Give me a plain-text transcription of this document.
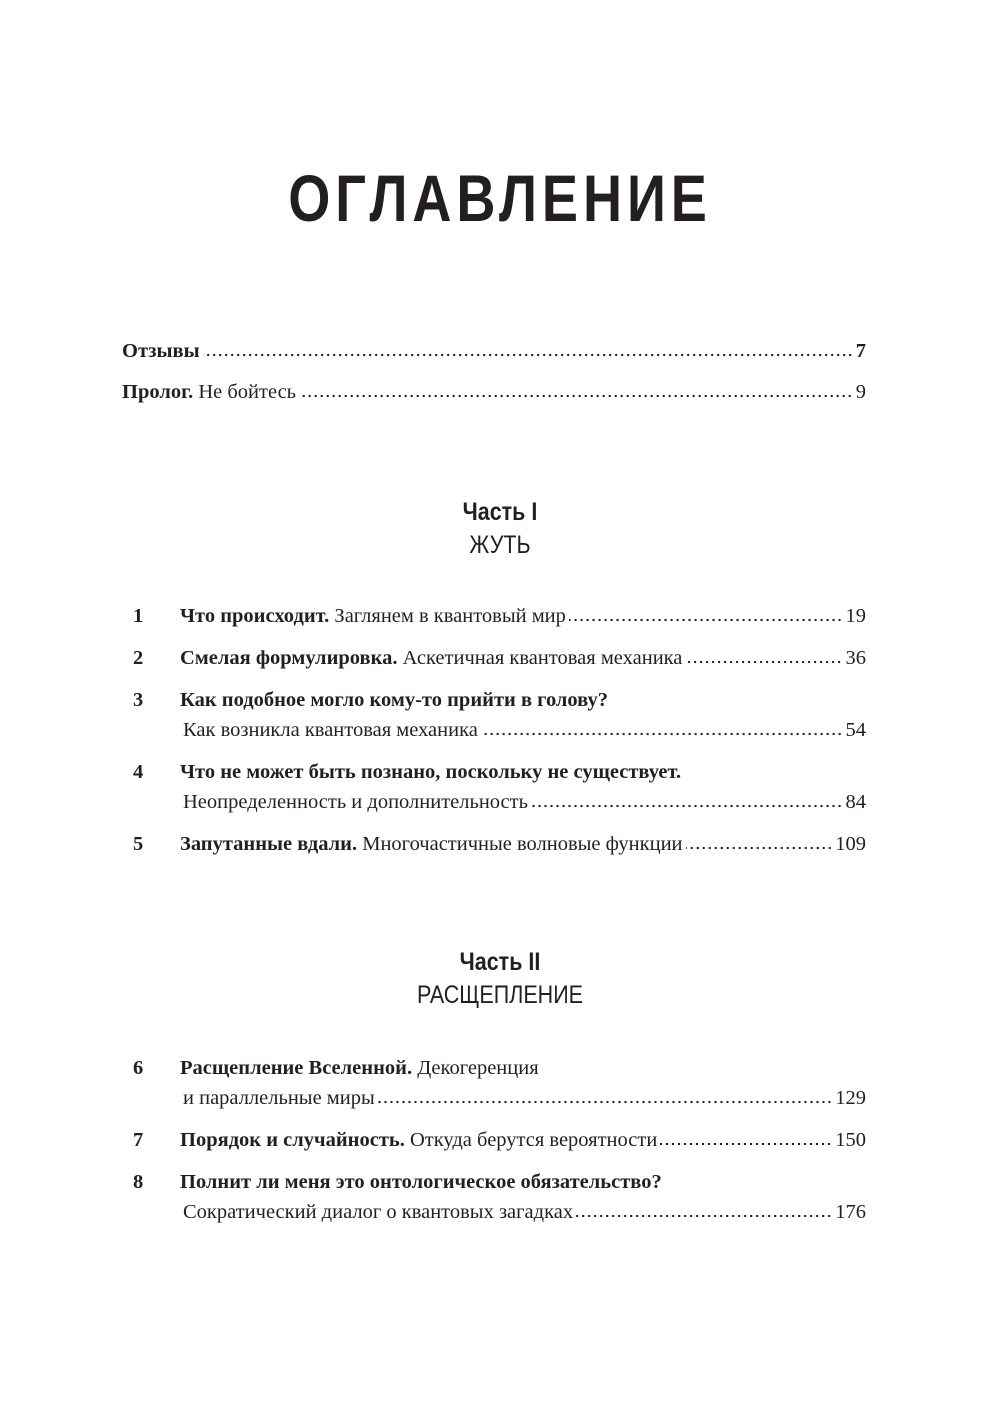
ОГЛАВЛЕНИЕ
Отзывы	7
Пролог. Не бойтесь	9
Часть I
ЖУТЬ
1 Что происходит. Заглянем в квантовый мир	19
2 Смелая формулировка. Аскетичная квантовая механика	36
3 Как подобное могло кому-то прийти в голову?
Как возникла квантовая механика	54
4 Что не может быть познано, поскольку не существует.
Неопределенность и дополнительность	84
5 Запутанные вдали. Многочастичные волновые функции	109
Часть II
РАСЩЕПЛЕНИЕ
6 Расщепление Вселенной. Декогеренция
и параллельные миры	129
7 Порядок и случайность. Откуда берутся вероятности	150
8 Полнит ли меня это онтологическое обязательство?
Сократический диалог о квантовых загадках	176
